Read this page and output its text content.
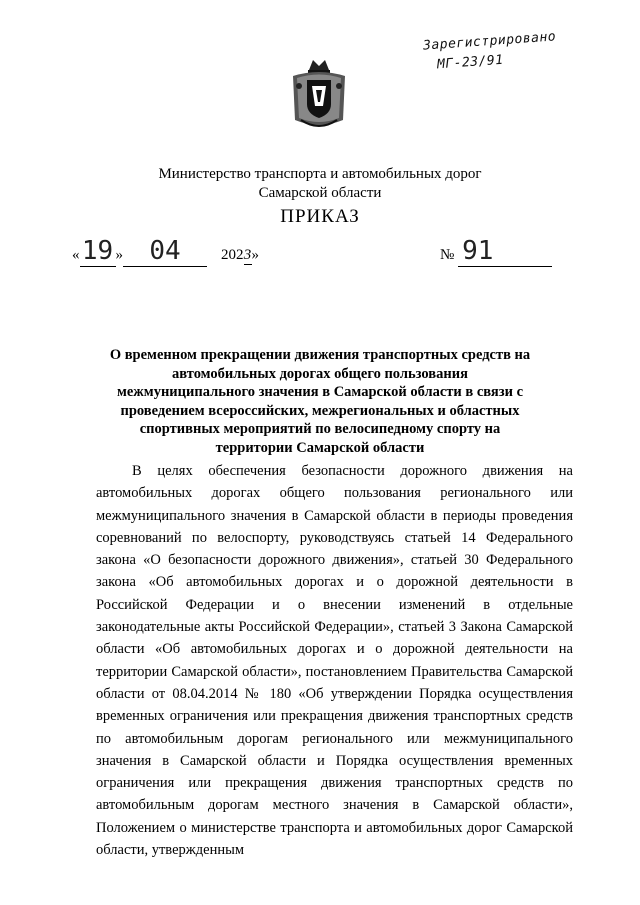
Зарегистрировано
МГ-23/91
Министерство транспорта и автомобильных дорог
Самарской области
ПРИКАЗ
«19 » 04	2023»	№ 91
О временном прекращении движения транспортных средств на автомобильных дорогах общего пользования межмуниципального значения в Самарской области в связи с проведением всероссийских, межрегиональных и областных спортивных мероприятий по велосипедному спорту на территории Самарской области
В целях обеспечения безопасности дорожного движения на автомобильных дорогах общего пользования регионального или межмуниципального значения в Самарской области в периоды проведения соревнований по велоспорту, руководствуясь статьей 14 Федерального закона «О безопасности дорожного движения», статьей 30 Федерального закона «Об автомобильных дорогах и о дорожной деятельности в Российской Федерации и о внесении изменений в отдельные законодательные акты Российской Федерации», статьей 3 Закона Самарской области «Об автомобильных дорогах и о дорожной деятельности на территории Самарской области», постановлением Правительства Самарской области от 08.04.2014 № 180 «Об утверждении Порядка осуществления временных ограничения или прекращения движения транспортных средств по автомобильным дорогам регионального или межмуниципального значения в Самарской области и Порядка осуществления временных ограничения или прекращения движения транспортных средств по автомобильным дорогам местного значения в Самарской области», Положением о министерстве транспорта и автомобильных дорог Самарской области, утвержденным
